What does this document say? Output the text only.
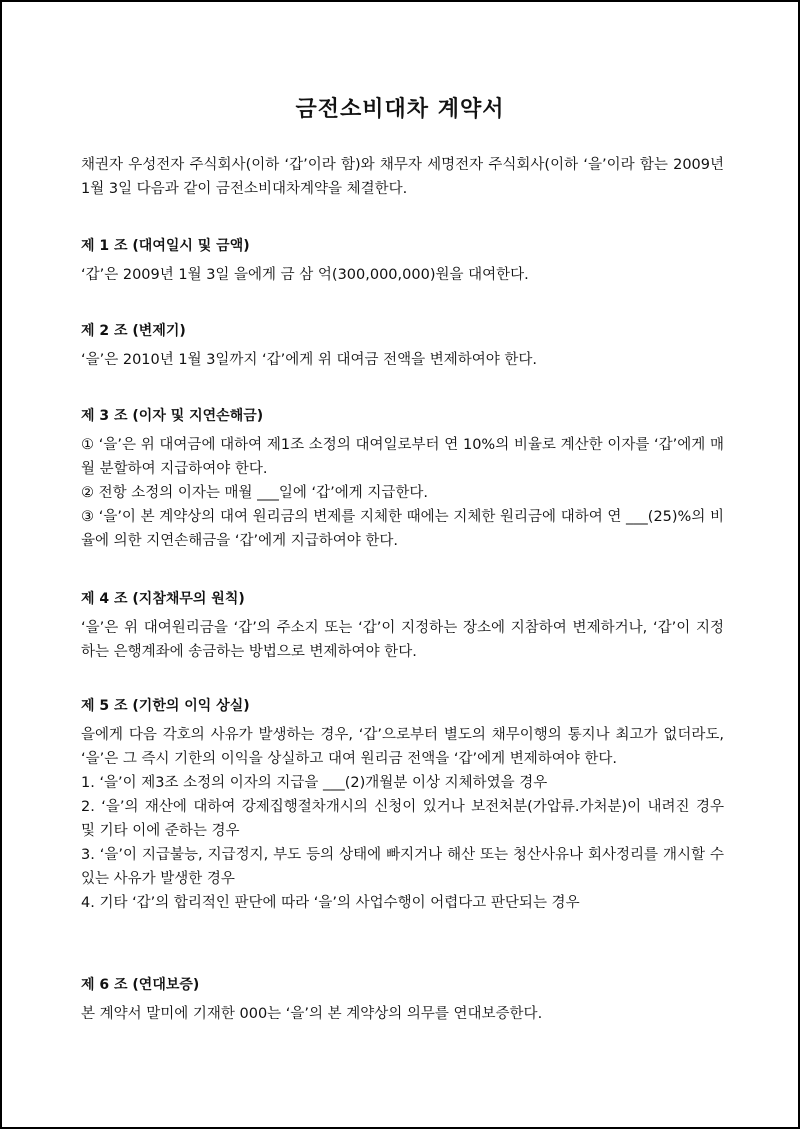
금전소비대차 계약서

채권자 우성전자 주식회사(이하 ‘갑’이라 함)와 채무자 세명전자 주식회사(이하 ‘을’이라 함는 2009년 1월 3일 다음과 같이 금전소비대차계약을 체결한다.

제 1 조 (대여일시 및 금액)

‘갑’은 2009년 1월 3일 을에게 금 삼 억(300,000,000)원을 대여한다.

제 2 조 (변제기)

‘을’은 2010년 1월 3일까지 ‘갑’에게 위 대여금 전액을 변제하여야 한다.

제 3 조 (이자 및 지연손해금)

① ‘을’은 위 대여금에 대하여 제1조 소정의 대여일로부터 연 10%의 비율로 계산한 이자를 ‘갑’에게 매월 분할하여 지급하여야 한다.

② 전항 소정의 이자는 매월 ___일에 ‘갑’에게 지급한다.

③ ‘을’이 본 계약상의 대여 원리금의 변제를 지체한 때에는 지체한 원리금에 대하여 연 ___(25)%의 비율에 의한 지연손해금을 ‘갑’에게 지급하여야 한다.

제 4 조 (지참채무의 원칙)

‘을’은 위 대여원리금을 ‘갑’의 주소지 또는 ‘갑’이 지정하는 장소에 지참하여 변제하거나, ‘갑’이 지정하는 은행계좌에 송금하는 방법으로 변제하여야 한다.

제 5 조 (기한의 이익 상실)

을에게 다음 각호의 사유가 발생하는 경우, ‘갑’으로부터 별도의 채무이행의 통지나 최고가 없더라도, ‘을’은 그 즉시 기한의 이익을 상실하고 대여 원리금 전액을 ‘갑’에게 변제하여야 한다.

1. ‘을’이 제3조 소정의 이자의 지급을 ___(2)개월분 이상 지체하였을 경우

2. ‘을’의 재산에 대하여 강제집행절차개시의 신청이 있거나 보전처분(가압류.가처분)이 내려진 경우 및 기타 이에 준하는 경우

3. ‘을’이 지급불능, 지급정지, 부도 등의 상태에 빠지거나 해산 또는 청산사유나 회사정리를 개시할 수 있는 사유가 발생한 경우

4. 기타 ‘갑’의 합리적인 판단에 따라 ‘을’의 사업수행이 어렵다고 판단되는 경우

제 6 조 (연대보증)

본 계약서 말미에 기재한 000는 ‘을’의 본 계약상의 의무를 연대보증한다.
